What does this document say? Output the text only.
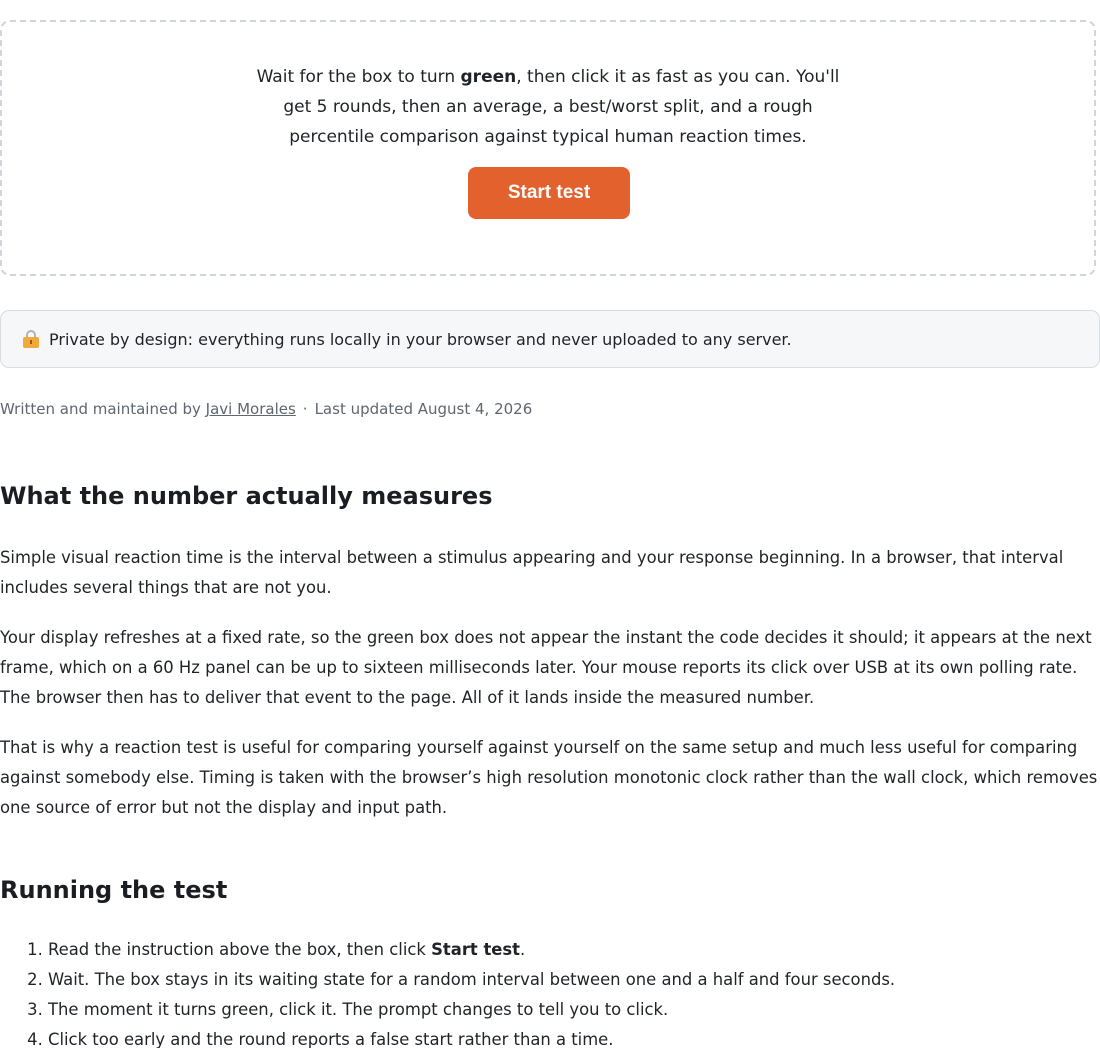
Wait for the box to turn green, then click it as fast as you can. You'll get 5 rounds, then an average, a best/worst split, and a rough percentile comparison against typical human reaction times.
Start test
Private by design: everything runs locally in your browser and never uploaded to any server.
Written and maintained by Javi Morales · Last updated August 4, 2026
What the number actually measures

Simple visual reaction time is the interval between a stimulus appearing and your response beginning. In a browser, that interval includes several things that are not you.

Your display refreshes at a fixed rate, so the green box does not appear the instant the code decides it should; it appears at the next frame, which on a 60 Hz panel can be up to sixteen milliseconds later. Your mouse reports its click over USB at its own polling rate. The browser then has to deliver that event to the page. All of it lands inside the measured number.

That is why a reaction test is useful for comparing yourself against yourself on the same setup and much less useful for comparing against somebody else. Timing is taken with the browser’s high resolution monotonic clock rather than the wall clock, which removes one source of error but not the display and input path.

Running the test
1. Read the instruction above the box, then click Start test.
2. Wait. The box stays in its waiting state for a random interval between one and a half and four seconds.
3. The moment it turns green, click it. The prompt changes to tell you to click.
4. Click too early and the round reports a false start rather than a time.
